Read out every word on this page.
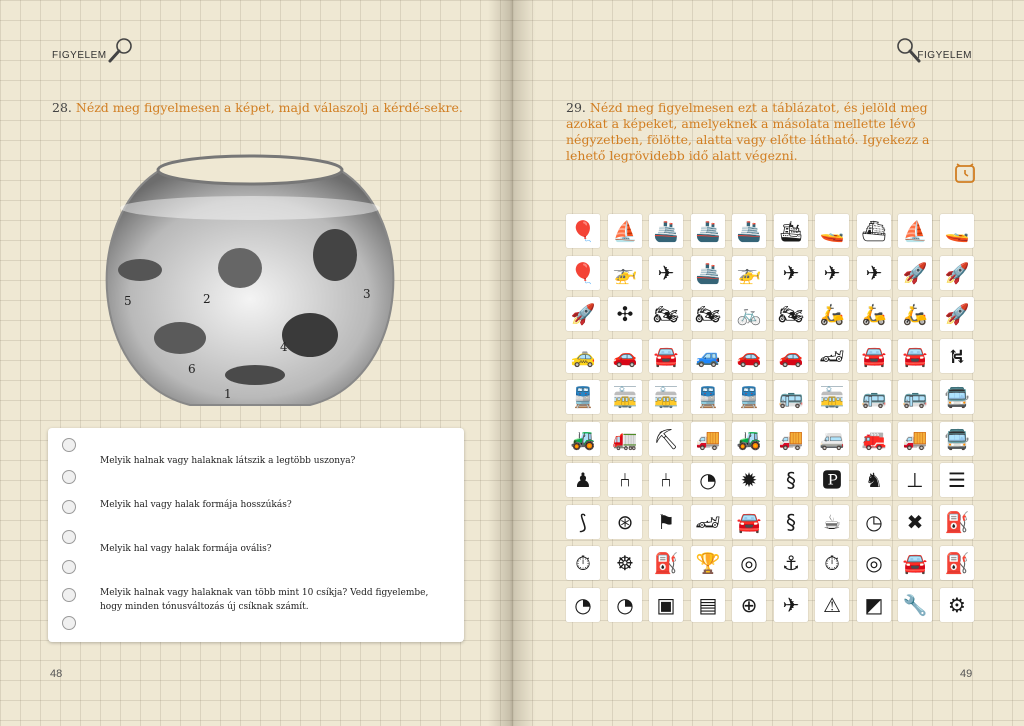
FIGYELEM
28. Nézd meg figyelmesen a képet, majd válaszolj a kérdé-sekre.
1
2	3
4
5
6
Melyik halnak vagy halaknak látszik a legtöbb uszonya?
Melyik hal vagy halak formája hosszúkás?
Melyik hal vagy halak formája ovális?
Melyik halnak vagy halaknak van több mint 10 csíkja? Vedd figyelembe, hogy minden tónusváltozás új csíknak számít.
48	49
FIGYELEM
29. Nézd meg figyelmesen ezt a táblázatot, és jelöld meg azokat a képeket, amelyeknek a másolata mellette lévő négyzetben, fölötte, alatta vagy előtte látható. Igyekezz a lehető legrövidebb idő alatt végezni.
🎈 ⛵ 🚢 🚢 🚢 🛳 🚤 ⛴ ⛵ 🚤
🎈 🚁	✈	🚢 🚁	✈	✈	✈	🚀 🚀
🚀	✣ 🏍 🏍 🚲 🏍 🛵 🛵 🛵 🚀
🚕 🚗 🚘 🚙 🚗 🚗 🏎 🚘 🚘	⛕
🚆 🚋 🚋 🚆 🚆 🚌 🚋 🚌 🚌 🚍
🚜 🚛 ⛏ 🚚 🚜 🚚 🚐 🚒 🚚 🚍
♟	⑃	⑃	◔	✹	§	🅿	♞	⊥	☰
⟆	⊛	⚑	🏎 🚘	§	☕	◷	✖	⛽
⏱	☸ ⛽ 🏆 ◎	⚓	⏱	◎ 🚘 ⛽
◔	◔	▣	▤	⊕	✈	⚠	◩ 🔧	⚙
